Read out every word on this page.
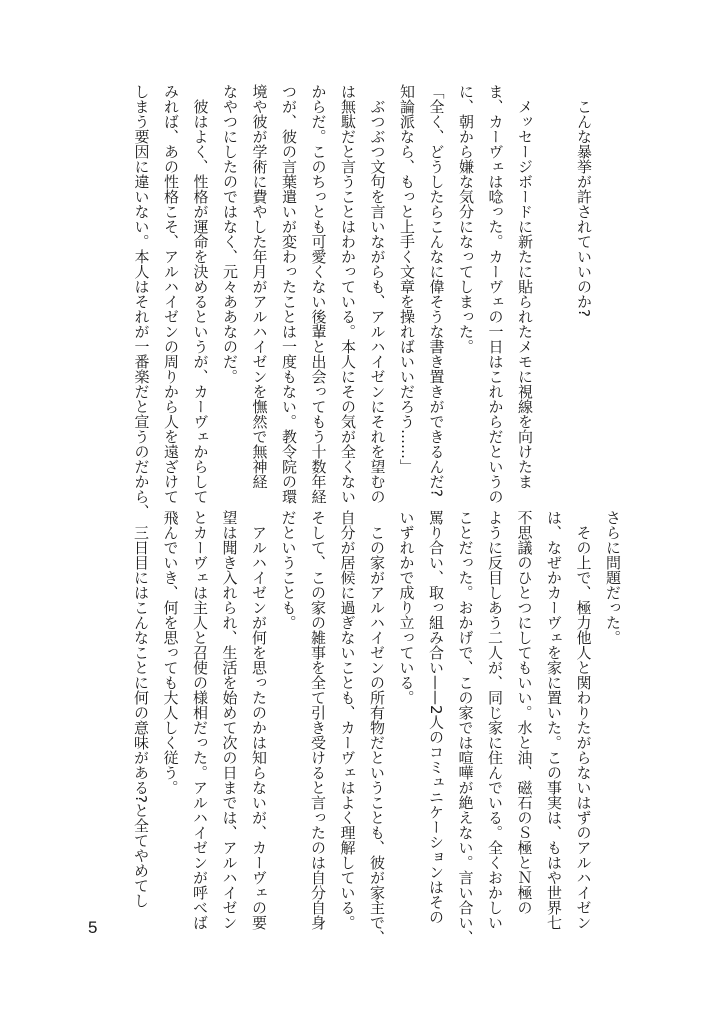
　こんな暴挙が許されていいのか?

　メッセージボードに新たに貼られたメモに視線を向けたま
ま、カーヴェは唸った。カーヴェの一日はこれからだというの
に、朝から嫌な気分になってしまった。
「全く、どうしたらこんなに偉そうな書き置きができるんだ?
知論派なら、もっと上手く文章を操ればいいだろう……」
　ぶつぶつ文句を言いながらも、アルハイゼンにそれを望むの
は無駄だと言うことはわかっている。本人にその気が全くない
からだ。このちっとも可愛くない後輩と出会ってもう十数年経
つが、彼の言葉遣いが変わったことは一度もない。教令院の環
境や彼が学術に費やした年月がアルハイゼンを憮然で無神経
なやつにしたのではなく、元々ああなのだ。
　彼はよく、性格が運命を決めるというが、カーヴェからして
みれば、あの性格こそ、アルハイゼンの周りから人を遠ざけて
しまう要因に違いない。本人はそれが一番楽だと宣うのだから、
さらに問題だった。
　その上で、極力他人と関わりたがらないはずのアルハイゼン
は、なぜかカーヴェを家に置いた。この事実は、もはや世界七
不思議のひとつにしてもいい。水と油、磁石のＳ極とＮ極の
ように反目しあう二人が、同じ家に住んでいる。全くおかしい
ことだった。おかげで、この家では喧嘩が絶えない。言い合い、
罵り合い、取っ組み合い——2人のコミュニケーションはその
いずれかで成り立っている。
　この家がアルハイゼンの所有物だということも、彼が家主で、
自分が居候に過ぎないことも、カーヴェはよく理解している。
そして、この家の雑事を全て引き受けると言ったのは自分自身
だということも。
　アルハイゼンが何を思ったのかは知らないが、カーヴェの要
望は聞き入れられ、生活を始めて次の日までは、アルハイゼン
とカーヴェは主人と召使の様相だった。アルハイゼンが呼べば
飛んでいき、何を思っても大人しく従う。
　三日目にはこんなことに何の意味がある?と全てやめてし
5
